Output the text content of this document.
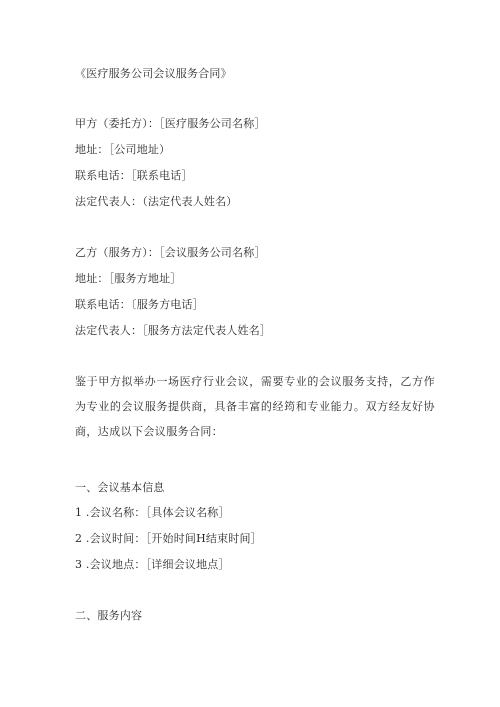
《医疗服务公司会议服务合同》
甲方（委托方）：［医疗服务公司名称］
地址：［公司地址）
联系电话：［联系电话］
法定代表人：（法定代表人姓名）
乙方（服务方）：［会议服务公司名称］
地址：［服务方地址］
联系电话：〔服务方电话］
法定代表人：［服务方法定代表人姓名］
鉴于甲方拟举办一场医疗行业会议，需要专业的会议服务支持，乙方作为专业的会议服务提供商，具备丰富的经筠和专业能力。双方经友好协商，达成以下会议服务合同：
一、会议基本信息
1 .会议名称：［具体会议名称］
2 .会议时间：［开始时间H结束时间］
3 .会议地点：［详细会议地点］
二、服务内容
